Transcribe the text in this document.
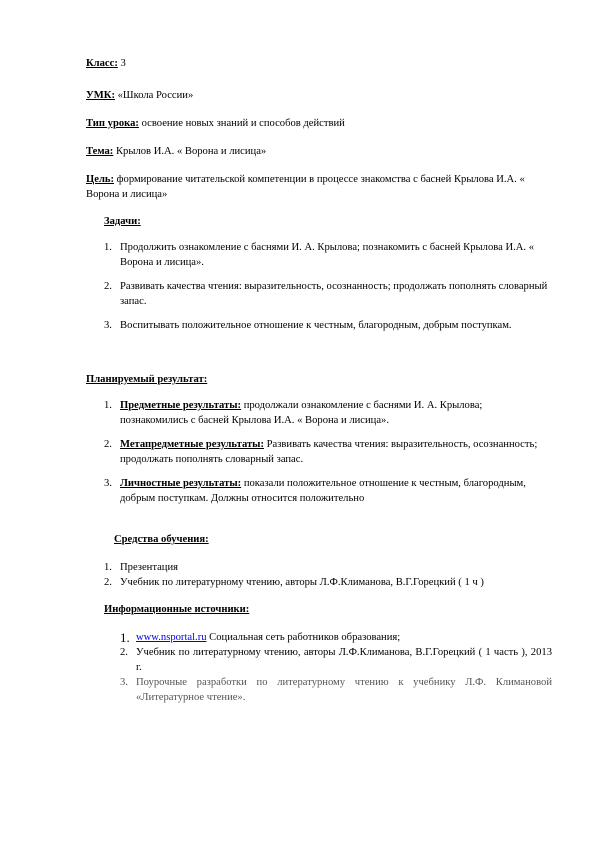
Класс: 3

УМК: «Школа России»

Тип урока: освоение новых знаний и способов действий

Тема: Крылов И.А. « Ворона и лисица»

Цель: формирование читательской компетенции в процессе знакомства с басней Крылова И.А. « Ворона и лисица»

Задачи:

1. Продолжить ознакомление с баснями И. А. Крылова; познакомить с басней Крылова И.А. « Ворона и лисица».
2. Развивать качества чтения: выразительность, осознанность; продолжать пополнять словарный запас.
3. Воспитывать положительное отношение к честным, благородным, добрым поступкам.

Планируемый результат:

1. Предметные результаты: продолжали ознакомление с баснями И. А. Крылова; познакомились с басней Крылова И.А. « Ворона и лисица».
2. Метапредметные результаты: Развивать качества чтения: выразительность, осознанность; продолжать пополнять словарный запас.
3. Личностные результаты: показали положительное отношение к честным, благородным, добрым поступкам. Должны относится положительно

Средства обучения:

1. Презентация
2. Учебник по литературному чтению, авторы Л.Ф.Климанова, В.Г.Горецкий ( 1 ч )

Информационные источники:

1. www.nsportal.ru Социальная сеть работников образования;
2. Учебник по литературному чтению, авторы Л.Ф.Климанова, В.Г.Горецкий ( 1 часть ), 2013 г.
3. Поурочные разработки по литературному чтению к учебнику Л.Ф. Климановой «Литературное чтение».
